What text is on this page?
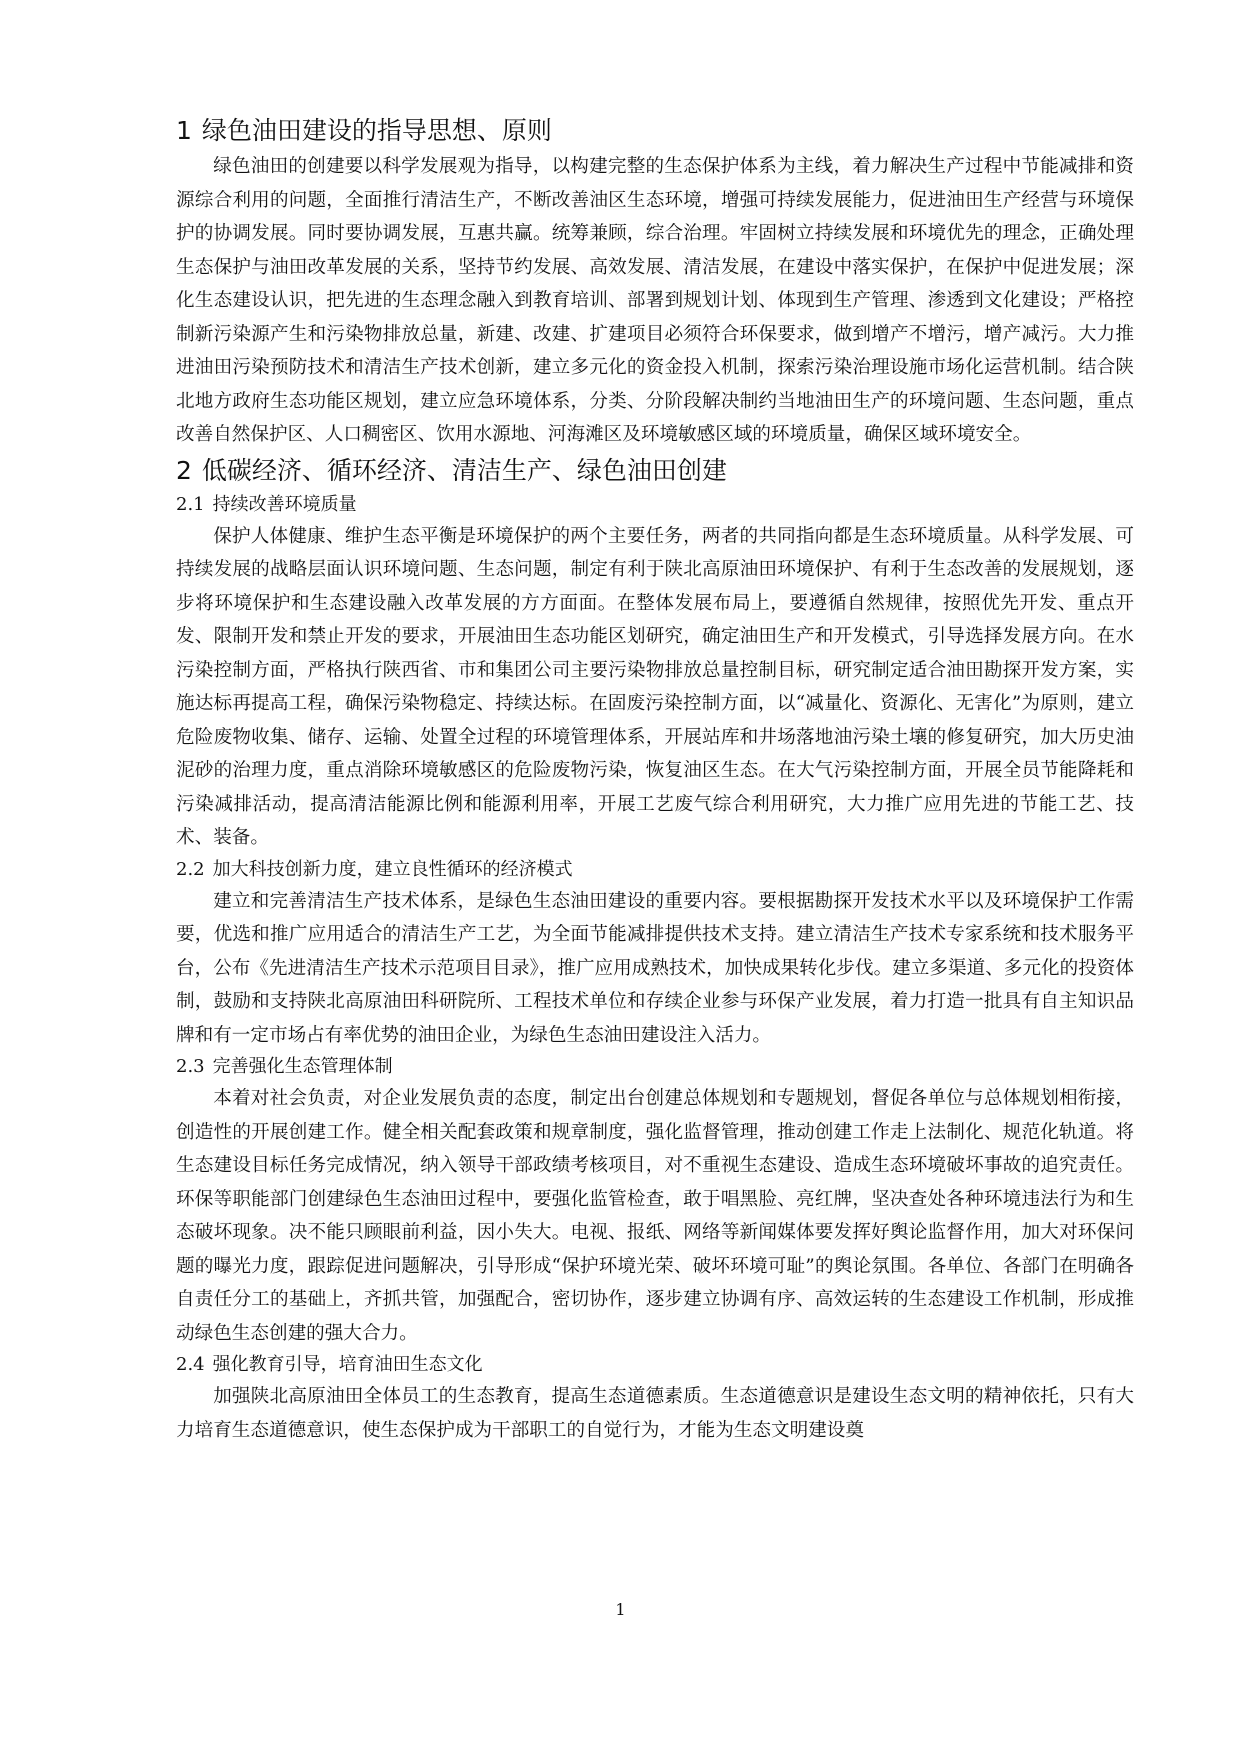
1 绿色油田建设的指导思想、原则

绿色油田的创建要以科学发展观为指导，以构建完整的生态保护体系为主线，着力解决生产过程中节能减排和资源综合利用的问题，全面推行清洁生产，不断改善油区生态环境，增强可持续发展能力，促进油田生产经营与环境保护的协调发展。同时要协调发展，互惠共赢。统筹兼顾，综合治理。牢固树立持续发展和环境优先的理念，正确处理生态保护与油田改革发展的关系，坚持节约发展、高效发展、清洁发展，在建设中落实保护，在保护中促进发展；深化生态建设认识，把先进的生态理念融入到教育培训、部署到规划计划、体现到生产管理、渗透到文化建设；严格控制新污染源产生和污染物排放总量，新建、改建、扩建项目必须符合环保要求，做到增产不增污，增产减污。大力推进油田污染预防技术和清洁生产技术创新，建立多元化的资金投入机制，探索污染治理设施市场化运营机制。结合陕北地方政府生态功能区规划，建立应急环境体系，分类、分阶段解决制约当地油田生产的环境问题、生态问题，重点改善自然保护区、人口稠密区、饮用水源地、河海滩区及环境敏感区域的环境质量，确保区域环境安全。

2 低碳经济、循环经济、清洁生产、绿色油田创建
2.1 持续改善环境质量

保护人体健康、维护生态平衡是环境保护的两个主要任务，两者的共同指向都是生态环境质量。从科学发展、可持续发展的战略层面认识环境问题、生态问题，制定有利于陕北高原油田环境保护、有利于生态改善的发展规划，逐步将环境保护和生态建设融入改革发展的方方面面。在整体发展布局上，要遵循自然规律，按照优先开发、重点开发、限制开发和禁止开发的要求，开展油田生态功能区划研究，确定油田生产和开发模式，引导选择发展方向。在水污染控制方面，严格执行陕西省、市和集团公司主要污染物排放总量控制目标，研究制定适合油田勘探开发方案，实施达标再提高工程，确保污染物稳定、持续达标。在固废污染控制方面，以“减量化、资源化、无害化”为原则，建立危险废物收集、储存、运输、处置全过程的环境管理体系，开展站库和井场落地油污染土壤的修复研究，加大历史油泥砂的治理力度，重点消除环境敏感区的危险废物污染，恢复油区生态。在大气污染控制方面，开展全员节能降耗和污染减排活动，提高清洁能源比例和能源利用率，开展工艺废气综合利用研究，大力推广应用先进的节能工艺、技术、装备。

2.2 加大科技创新力度，建立良性循环的经济模式

建立和完善清洁生产技术体系，是绿色生态油田建设的重要内容。要根据勘探开发技术水平以及环境保护工作需要，优选和推广应用适合的清洁生产工艺，为全面节能减排提供技术支持。建立清洁生产技术专家系统和技术服务平台，公布《先进清洁生产技术示范项目目录》，推广应用成熟技术，加快成果转化步伐。建立多渠道、多元化的投资体制，鼓励和支持陕北高原油田科研院所、工程技术单位和存续企业参与环保产业发展，着力打造一批具有自主知识品牌和有一定市场占有率优势的油田企业，为绿色生态油田建设注入活力。

2.3 完善强化生态管理体制

本着对社会负责，对企业发展负责的态度，制定出台创建总体规划和专题规划，督促各单位与总体规划相衔接，创造性的开展创建工作。健全相关配套政策和规章制度，强化监督管理，推动创建工作走上法制化、规范化轨道。将生态建设目标任务完成情况，纳入领导干部政绩考核项目，对不重视生态建设、造成生态环境破坏事故的追究责任。环保等职能部门创建绿色生态油田过程中，要强化监管检查，敢于唱黑脸、亮红牌，坚决查处各种环境违法行为和生态破坏现象。决不能只顾眼前利益，因小失大。电视、报纸、网络等新闻媒体要发挥好舆论监督作用，加大对环保问题的曝光力度，跟踪促进问题解决，引导形成“保护环境光荣、破坏环境可耻”的舆论氛围。各单位、各部门在明确各自责任分工的基础上，齐抓共管，加强配合，密切协作，逐步建立协调有序、高效运转的生态建设工作机制，形成推动绿色生态创建的强大合力。

2.4 强化教育引导，培育油田生态文化

加强陕北高原油田全体员工的生态教育，提高生态道德素质。生态道德意识是建设生态文明的精神依托，只有大力培育生态道德意识，使生态保护成为干部职工的自觉行为，才能为生态文明建设奠

1
